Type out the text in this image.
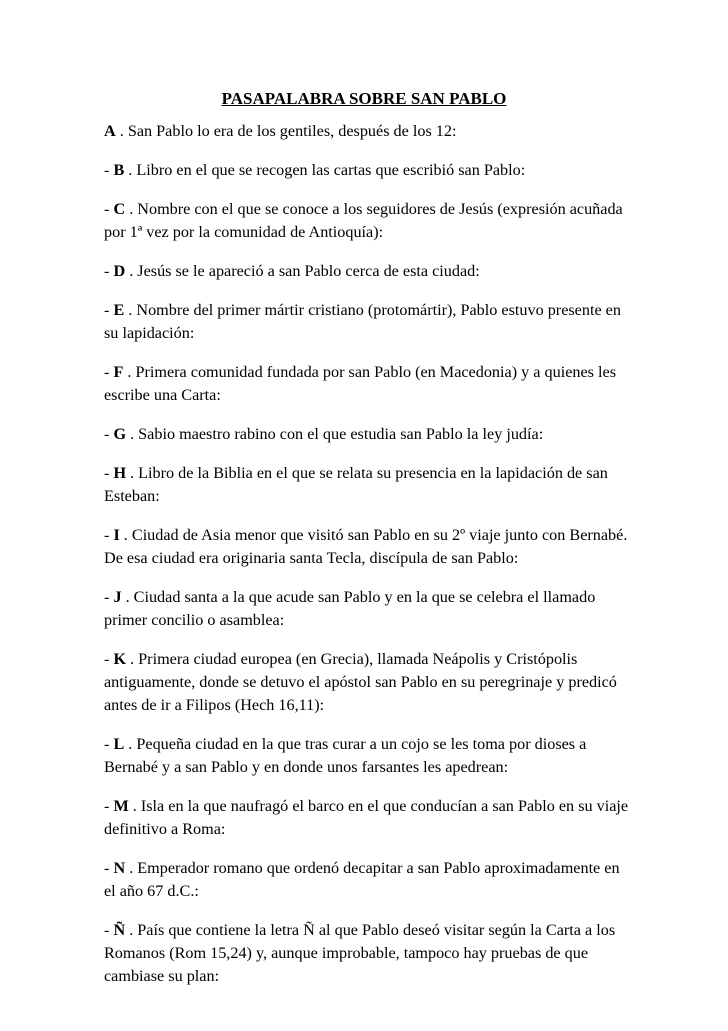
PASAPALABRA SOBRE SAN PABLO
A . San Pablo lo era de los gentiles, después de los 12:
- B . Libro en el que se recogen las cartas que escribió san Pablo:
- C . Nombre con el que se conoce a los seguidores de Jesús (expresión acuñada por 1ª vez por la comunidad de Antioquía):
- D . Jesús se le apareció a san Pablo cerca de esta ciudad:
- E . Nombre del primer mártir cristiano (protomártir), Pablo estuvo presente en su lapidación:
- F . Primera comunidad fundada por san Pablo (en Macedonia) y a quienes les escribe una Carta:
- G . Sabio maestro rabino con el que estudia san Pablo la ley judía:
- H . Libro de la Biblia en el que se relata su presencia en la lapidación de san Esteban:
- I . Ciudad de Asia menor que visitó san Pablo en su 2º viaje junto con Bernabé. De esa ciudad era originaria santa Tecla, discípula de san Pablo:
- J . Ciudad santa a la que acude san Pablo y en la que se celebra el llamado primer concilio o asamblea:
- K . Primera ciudad europea (en Grecia), llamada Neápolis y Cristópolis antiguamente, donde se detuvo el apóstol san Pablo en su peregrinaje y predicó antes de ir a Filipos (Hech 16,11):
- L . Pequeña ciudad en la que tras curar a un cojo se les toma por dioses a Bernabé y a san Pablo y en donde unos farsantes les apedrean:
- M . Isla en la que naufragó el barco en el que conducían a san Pablo en su viaje definitivo a Roma:
- N . Emperador romano que ordenó decapitar a san Pablo aproximadamente en el año 67 d.C.:
- Ñ . País que contiene la letra Ñ al que Pablo deseó visitar según la Carta a los Romanos (Rom 15,24) y, aunque improbable, tampoco hay pruebas de que cambiase su plan:
